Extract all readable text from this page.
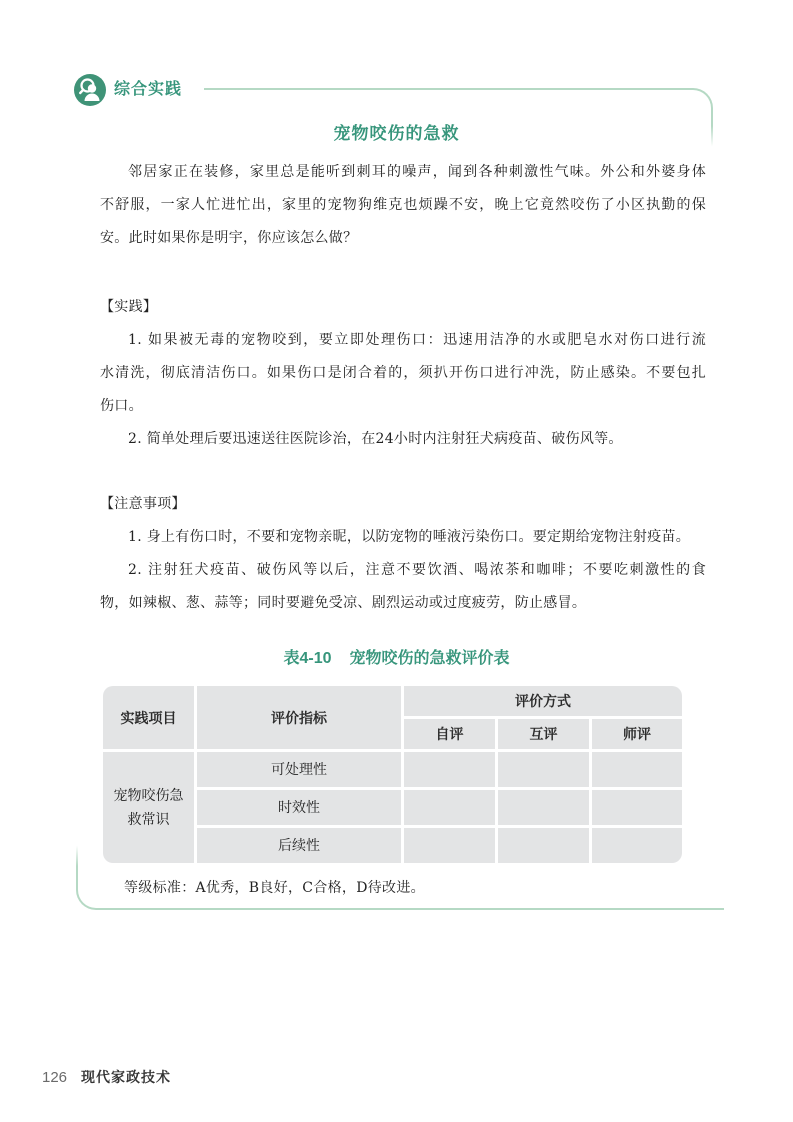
综合实践
宠物咬伤的急救
邻居家正在装修，家里总是能听到刺耳的噪声，闻到各种刺激性气味。外公和外婆身体
不舒服，一家人忙进忙出，家里的宠物狗维克也烦躁不安，晚上它竟然咬伤了小区执勤的保
安。此时如果你是明宇，你应该怎么做？
【实践】
1. 如果被无毒的宠物咬到，要立即处理伤口：迅速用洁净的水或肥皂水对伤口进行流
水清洗，彻底清洁伤口。如果伤口是闭合着的，须扒开伤口进行冲洗，防止感染。不要包扎
伤口。
2. 简单处理后要迅速送往医院诊治，在24小时内注射狂犬病疫苗、破伤风等。
【注意事项】
1. 身上有伤口时，不要和宠物亲昵，以防宠物的唾液污染伤口。要定期给宠物注射疫苗。
2. 注射狂犬疫苗、破伤风等以后，注意不要饮酒、喝浓茶和咖啡；不要吃刺激性的食
物，如辣椒、葱、蒜等；同时要避免受凉、剧烈运动或过度疲劳，防止感冒。
表4-10 宠物咬伤的急救评价表
实践项目	评价指标	评价方式		
		自评	互评	师评
宠物咬伤急救常识	可处理性			
	时效性			
	后续性			
等级标准：A优秀，B良好，C合格，D待改进。
126 现代家政技术
